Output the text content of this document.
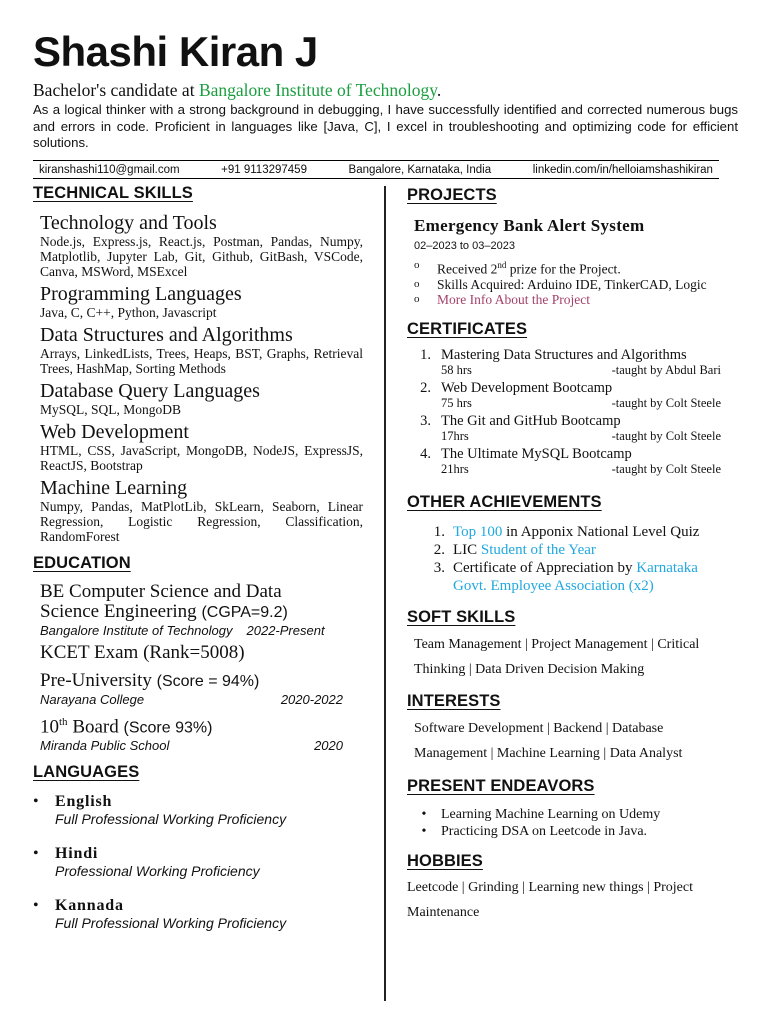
Shashi Kiran J
Bachelor's candidate at Bangalore Institute of Technology.
As a logical thinker with a strong background in debugging, I have successfully identified and corrected numerous bugs and errors in code. Proficient in languages like [Java, C], I excel in troubleshooting and optimizing code for efficient solutions.
kiranshashi110@gmail.com	+91 9113297459	Bangalore, Karnataka, India	linkedin.com/in/helloiamshashikiran
TECHNICAL SKILLS
Technology and Tools
Node.js, Express.js, React.js, Postman, Pandas, Numpy, Matplotlib, Jupyter Lab, Git, Github, GitBash, VSCode, Canva, MSWord, MSExcel
Programming Languages
Java, C, C++, Python, Javascript
Data Structures and Algorithms
Arrays, LinkedLists, Trees, Heaps, BST, Graphs, Retrieval Trees, HashMap, Sorting Methods
Database Query Languages
MySQL, SQL, MongoDB
Web Development
HTML, CSS, JavaScript, MongoDB, NodeJS, ExpressJS, ReactJS, Bootstrap
Machine Learning
Numpy, Pandas, MatPlotLib, SkLearn, Seaborn, Linear Regression, Logistic Regression, Classification, RandomForest
EDUCATION
BE Computer Science and Data
Science Engineering (CGPA=9.2)
Bangalore Institute of Technology 2022-Present
KCET Exam (Rank=5008)
Pre-University (Score = 94%)
Narayana College	2020-2022
10th Board (Score 93%)
Miranda Public School	2020
LANGUAGES
•	English
Full Professional Working Proficiency
•	Hindi
Professional Working Proficiency
•	Kannada
Full Professional Working Proficiency
PROJECTS
Emergency Bank Alert System
02–2023 to 03–2023
o	Received 2nd prize for the Project.
o	Skills Acquired: Arduino IDE, TinkerCAD, Logic
o	More Info About the Project
CERTIFICATES
1. Mastering Data Structures and Algorithms
58 hrs	-taught by Abdul Bari
2. Web Development Bootcamp
75 hrs	-taught by Colt Steele
3. The Git and GitHub Bootcamp
17hrs	-taught by Colt Steele
4. The Ultimate MySQL Bootcamp
21hrs	-taught by Colt Steele
OTHER ACHIEVEMENTS
1. Top 100 in Apponix National Level Quiz
2. LIC Student of the Year
3. Certificate of Appreciation by Karnataka
Govt. Employee Association (x2)
SOFT SKILLS
Team Management | Project Management | Critical
Thinking | Data Driven Decision Making
INTERESTS
Software Development | Backend | Database
Management | Machine Learning | Data Analyst
PRESENT ENDEAVORS
•	Learning Machine Learning on Udemy
•	Practicing DSA on Leetcode in Java.
HOBBIES
Leetcode | Grinding | Learning new things | Project
Maintenance
